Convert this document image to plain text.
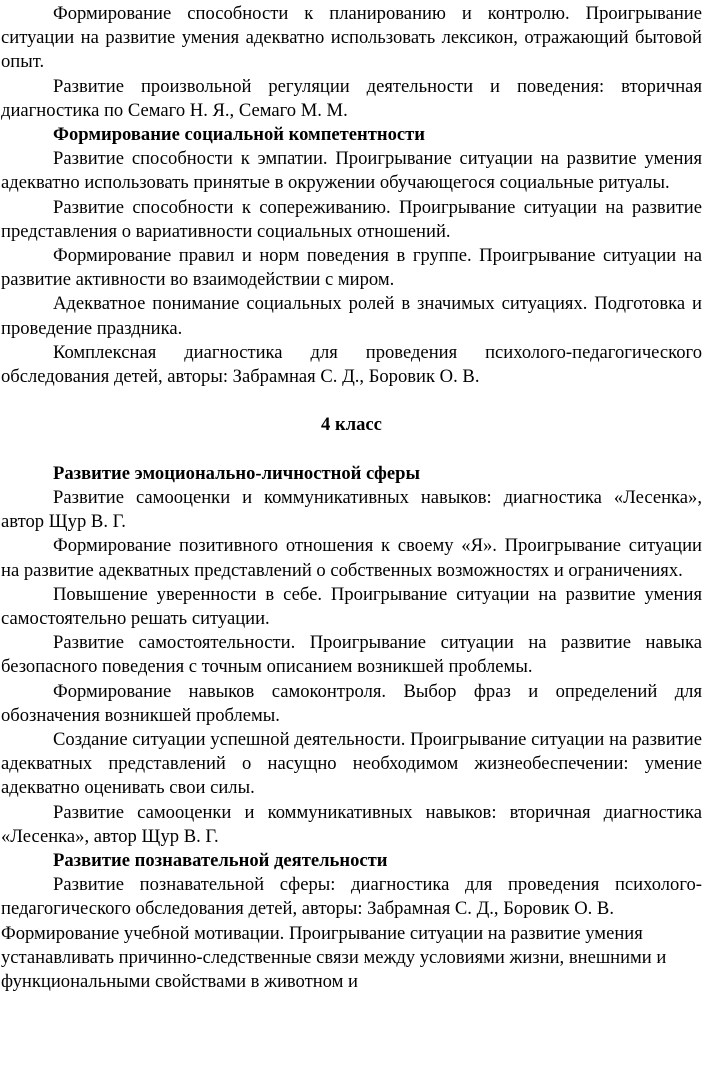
Формирование способности к планированию и контролю. Проигрывание ситуации на развитие умения адекватно использовать лексикон, отражающий бытовой опыт.

Развитие произвольной регуляции деятельности и поведения: вторичная диагностика по Семаго Н. Я., Семаго М. М.

Формирование социальной компетентности

Развитие способности к эмпатии. Проигрывание ситуации на развитие умения адекватно использовать принятые в окружении обучающегося социальные ритуалы.

Развитие способности к сопереживанию. Проигрывание ситуации на развитие представления о вариативности социальных отношений.

Формирование правил и норм поведения в группе. Проигрывание ситуации на развитие активности во взаимодействии с миром.

Адекватное понимание социальных ролей в значимых ситуациях. Подготовка и проведение праздника.

Комплексная диагностика для проведения психолого-педагогического обследования детей, авторы: Забрамная С. Д., Боровик О. В.

4 класс

Развитие эмоционально-личностной сферы

Развитие самооценки и коммуникативных навыков: диагностика «Лесенка», автор Щур В. Г.

Формирование позитивного отношения к своему «Я». Проигрывание ситуации на развитие адекватных представлений о собственных возможностях и ограничениях.

Повышение уверенности в себе. Проигрывание ситуации на развитие умения самостоятельно решать ситуации.

Развитие самостоятельности. Проигрывание ситуации на развитие навыка безопасного поведения с точным описанием возникшей проблемы.

Формирование навыков самоконтроля. Выбор фраз и определений для обозначения возникшей проблемы.

Создание ситуации успешной деятельности. Проигрывание ситуации на развитие адекватных представлений о насущно необходимом жизнеобеспечении: умение адекватно оценивать свои силы.

Развитие самооценки и коммуникативных навыков: вторичная диагностика «Лесенка», автор Щур В. Г.

Развитие познавательной деятельности

Развитие познавательной сферы: диагностика для проведения психолого-педагогического обследования детей, авторы: Забрамная С. Д., Боровик О. В.

Формирование учебной мотивации. Проигрывание ситуации на развитие умения устанавливать причинно-следственные связи между условиями жизни, внешними и функциональными свойствами в животном и
